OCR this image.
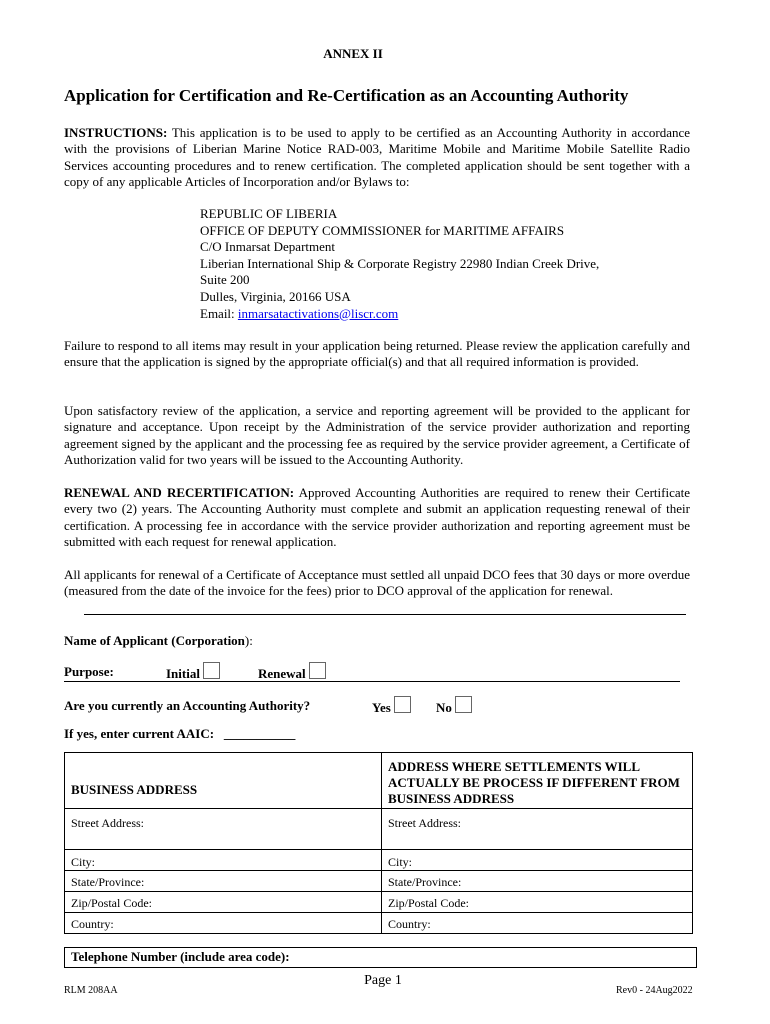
ANNEX II
Application for Certification and Re-Certification as an Accounting Authority
INSTRUCTIONS: This application is to be used to apply to be certified as an Accounting Authority in accordance with the provisions of Liberian Marine Notice RAD-003, Maritime Mobile and Maritime Mobile Satellite Radio Services accounting procedures and to renew certification. The completed application should be sent together with a copy of any applicable Articles of Incorporation and/or Bylaws to:
REPUBLIC OF LIBERIA
OFFICE OF DEPUTY COMMISSIONER for MARITIME AFFAIRS
C/O Inmarsat Department
Liberian International Ship & Corporate Registry 22980 Indian Creek Drive,
Suite 200
Dulles, Virginia, 20166 USA
Email: inmarsatactivations@liscr.com
Failure to respond to all items may result in your application being returned. Please review the application carefully and ensure that the application is signed by the appropriate official(s) and that all required information is provided.
Upon satisfactory review of the application, a service and reporting agreement will be provided to the applicant for signature and acceptance. Upon receipt by the Administration of the service provider authorization and reporting agreement signed by the applicant and the processing fee as required by the service provider agreement, a Certificate of Authorization valid for two years will be issued to the Accounting Authority.
RENEWAL AND RECERTIFICATION: Approved Accounting Authorities are required to renew their Certificate every two (2) years. The Accounting Authority must complete and submit an application requesting renewal of their certification. A processing fee in accordance with the service provider authorization and reporting agreement must be submitted with each request for renewal application.
All applicants for renewal of a Certificate of Acceptance must settled all unpaid DCO fees that 30 days or more overdue (measured from the date of the invoice for the fees) prior to DCO approval of the application for renewal.
Name of Applicant (Corporation):
Purpose:	Initial	Renewal
Are you currently an Accounting Authority?	Yes	No
If yes, enter current AAIC: ___________
BUSINESS ADDRESS	ADDRESS WHERE SETTLEMENTS WILL ACTUALLY BE PROCESS IF DIFFERENT FROM BUSINESS ADDRESS
Street Address:	Street Address:
City:	City:
State/Province:	State/Province:
Zip/Postal Code:	Zip/Postal Code:
Country:	Country:
Telephone Number (include area code):
Page 1
RLM 208AA	Rev0 - 24Aug2022
